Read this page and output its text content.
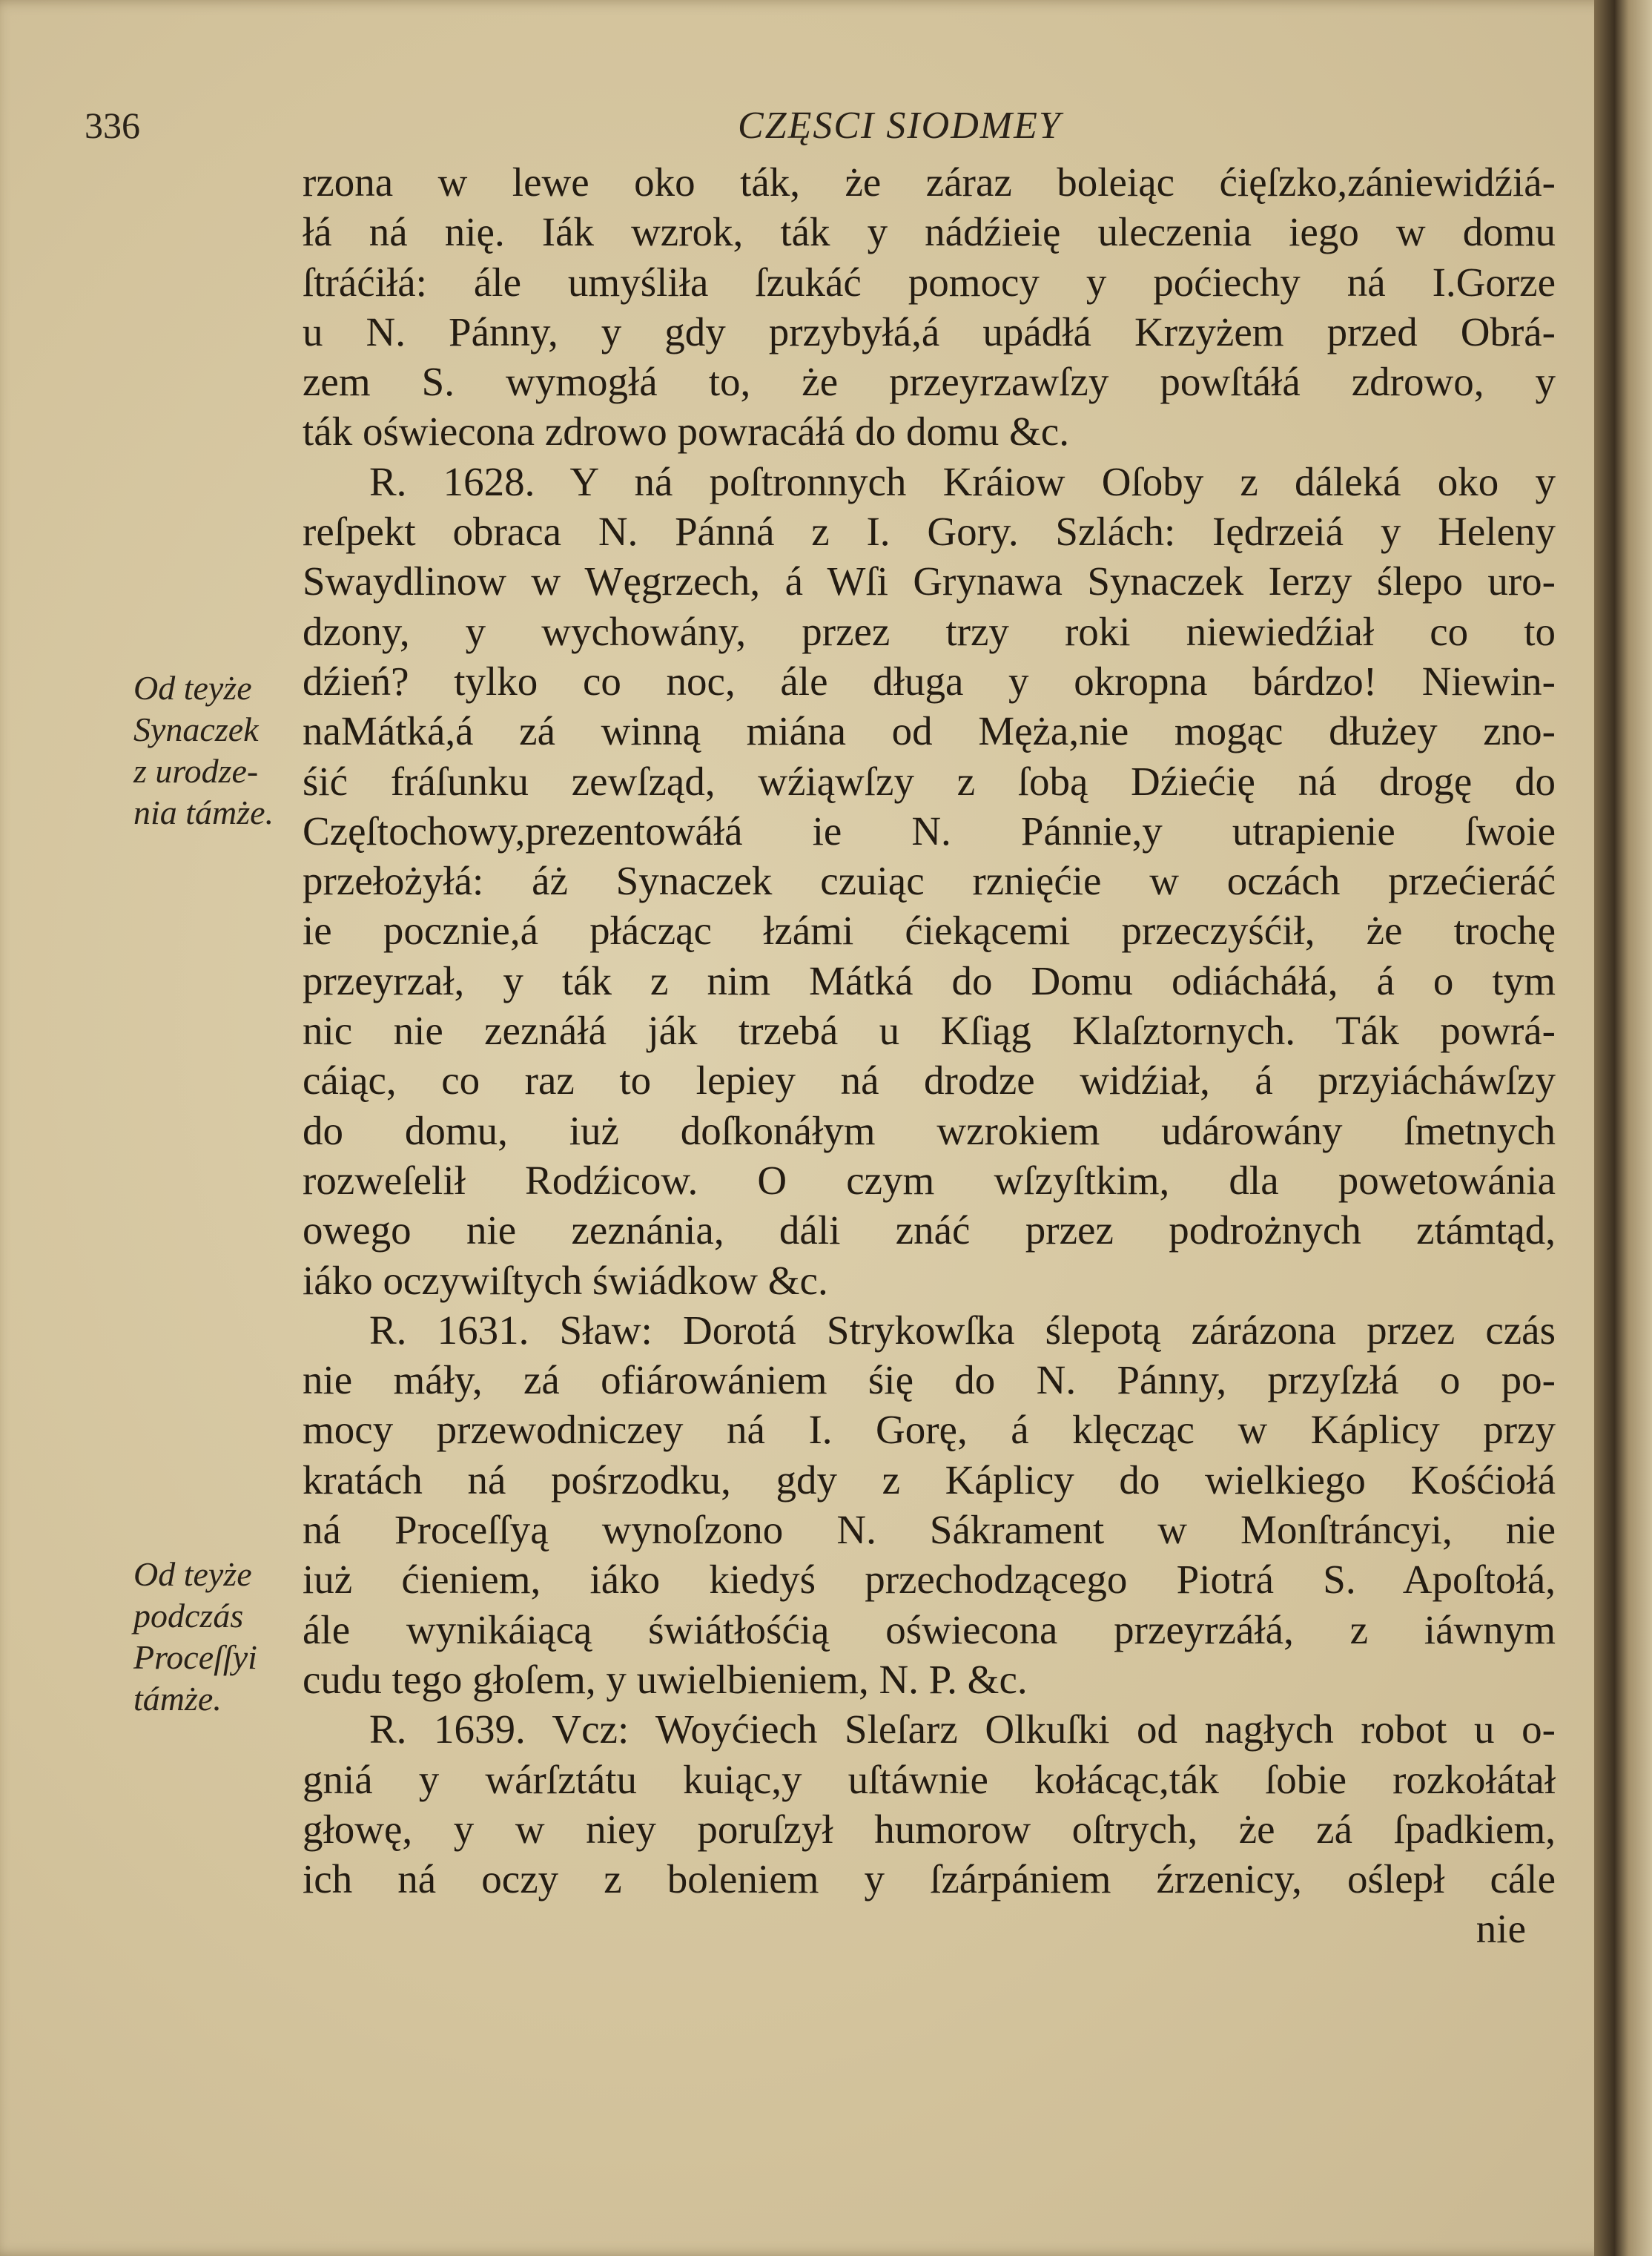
336	CZĘSCI SIODMEY
Od teyże
Synaczek
z urodze-
nia támże.
Od teyże
podczás
Proceſſyi
támże.
rzona w lewe oko ták, że záraz boleiąc ćięſzko,zániewidźiá-
łá ná nię. Iák wzrok, ták y nádźieię uleczenia iego w domu
ſtráćiłá: ále umyśliła ſzukáć pomocy y poćiechy ná I.Gorze
u N. Pánny, y gdy przybyłá,á upádłá Krzyżem przed Obrá-
zem S. wymogłá to, że przeyrzawſzy powſtáłá zdrowo, y
ták oświecona zdrowo powracáłá do domu &c.
R. 1628. Y ná poſtronnych Kráiow Oſoby z dáleká oko y
reſpekt obraca N. Pánná z I. Gory. Szlách: Iędrzeiá y Heleny
Swaydlinow w Węgrzech, á Wſi Grynawa Synaczek Ierzy ślepo uro-
dzony, y wychowány, przez trzy roki niewiedźiał co to
dźień? tylko co noc, ále długa y okropna bárdzo! Niewin-
naMátká,á zá winną miána od Męża,nie mogąc dłużey zno-
śić fráſunku zewſząd, wźiąwſzy z ſobą Dźiećię ná drogę do
Częſtochowy,prezentowáłá ie N. Pánnie,y utrapienie ſwoie
przełożyłá: áż Synaczek czuiąc rznięćie w oczách przećieráć
ie pocznie,á płácząc łzámi ćiekącemi przeczyśćił, że trochę
przeyrzał, y ták z nim Mátká do Domu odiácháłá, á o tym
nic nie zeznáłá ják trzebá u Kſiąg Klaſztornych. Ták powrá-
cáiąc, co raz to lepiey ná drodze widźiał, á przyiácháwſzy
do domu, iuż doſkonáłym wzrokiem udárowány ſmetnych
rozweſelił Rodźicow. O czym wſzyſtkim, dla powetowánia
owego nie zeznánia, dáli znáć przez podrożnych ztámtąd,
iáko oczywiſtych świádkow &c.
R. 1631. Sław: Dorotá Strykowſka ślepotą zárázona przez czás
nie máły, zá ofiárowániem śię do N. Pánny, przyſzłá o po-
mocy przewodniczey ná I. Gorę, á klęcząc w Káplicy przy
kratách ná pośrzodku, gdy z Káplicy do wielkiego Kośćiołá
ná Proceſſyą wynoſzono N. Sákrament w Monſtráncyi, nie
iuż ćieniem, iáko kiedyś przechodzącego Piotrá S. Apoſtołá,
ále wynikáiącą świátłośćią oświecona przeyrzáłá, z iáwnym
cudu tego głoſem, y uwielbieniem, N. P. &c.
R. 1639. Vcz: Woyćiech Sleſarz Olkuſki od nagłych robot u o-
gniá y wárſztátu kuiąc,y uſtáwnie kołácąc,ták ſobie rozkołátał
głowę, y w niey poruſzył humorow oſtrych, że zá ſpadkiem,
ich ná oczy z boleniem y ſzárpániem źrzenicy, oślepł cále
nie
